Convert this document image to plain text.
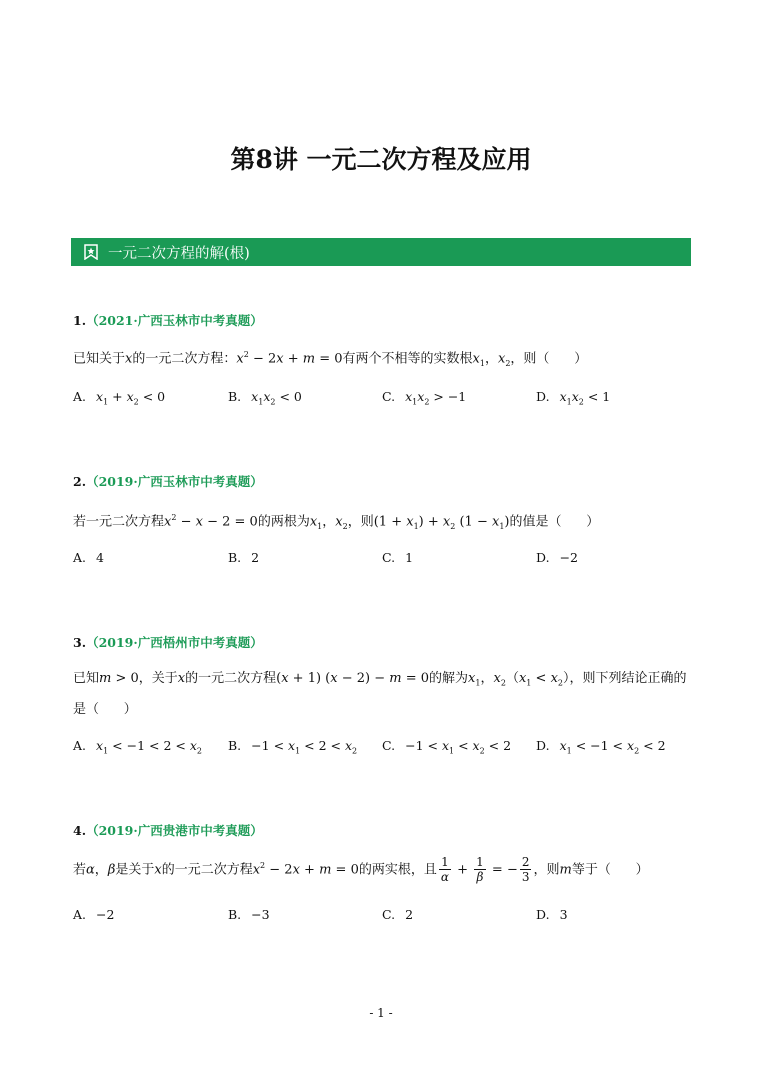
第8讲 一元二次方程及应用
一元二次方程的解(根)
1.（2021·广西玉林市中考真题）
已知关于x的一元二次方程：$x^2 - 2x + m = 0$有两个不相等的实数根$x_1$，$x_2$，则（      ）
A. $x_1 + x_2 < 0$	B. $x_1x_2 < 0$	C. $x_1x_2 > -1$	D. $x_1x_2 < 1$
2.（2019·广西玉林市中考真题）
若一元二次方程$x^2 - x - 2 = 0$的两根为$x_1$，$x_2$，则$(1 + x_1) + x_2$ $(1 - x_1)$的值是（      ）
A. 4	B. 2	C. 1	D. −2
3.（2019·广西梧州市中考真题）
已知m > 0，关于x的一元二次方程(x + 1) (x − 2) − m = 0的解为$x_1$，$x_2(x_1 < x_2)$，则下列结论正确的是（      ）
A. $x_1 < -1 < 2 < x_2$ B. $-1 < x_1 < 2 < x_2$ C. $-1 < x_1 < x_2 < 2$ D. $x_1 < -1 < x_2 < 2$
4.（2019·广西贵港市中考真题）
若α，β是关于x的一元二次方程$x^2 - 2x + m = 0$的两实根，且 $\frac{1}{\alpha} + \frac{1}{\beta}$ = − $\frac{2}{3}$ ，则m等于（      ）
A. −2	B. −3	C. 2	D. 3
- 1 -
